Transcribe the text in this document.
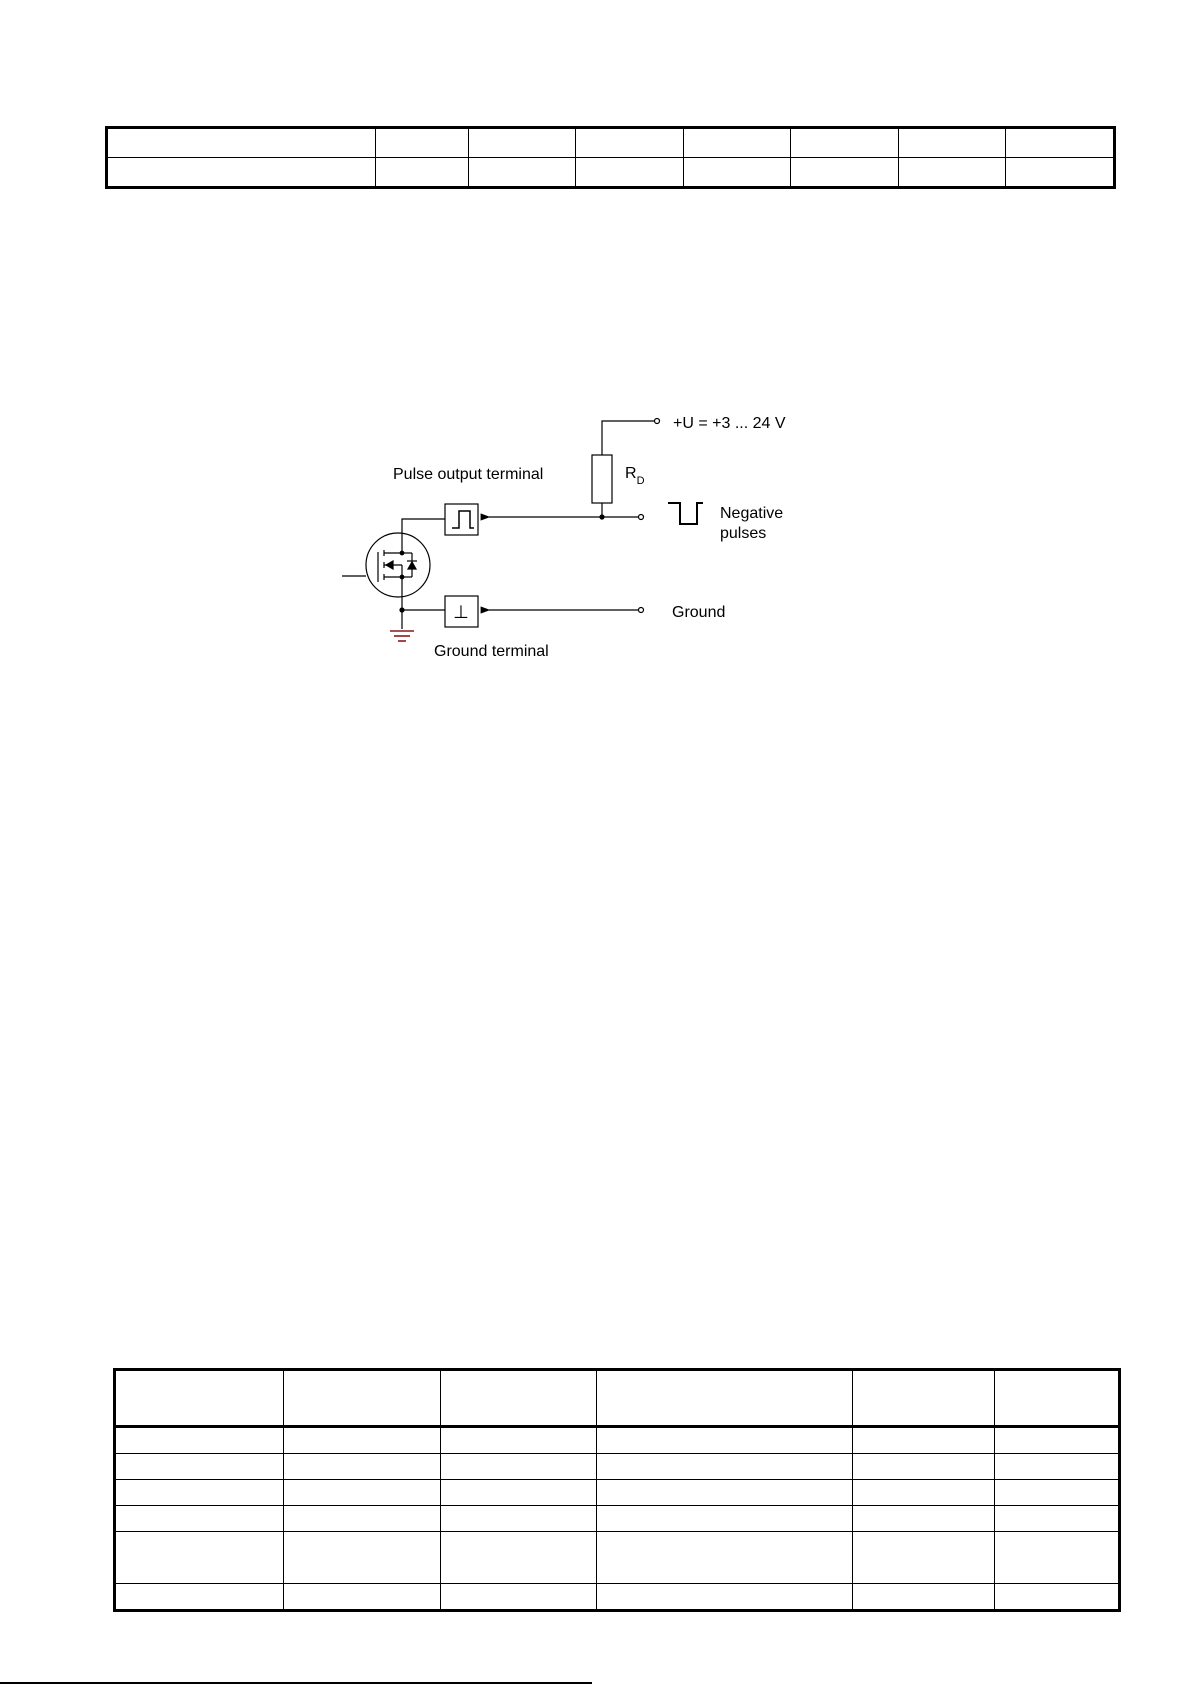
+U = +3 ... 24 V
$R_D$
Pulse output terminal
Negative pulses
⊥	Ground
Ground terminal
